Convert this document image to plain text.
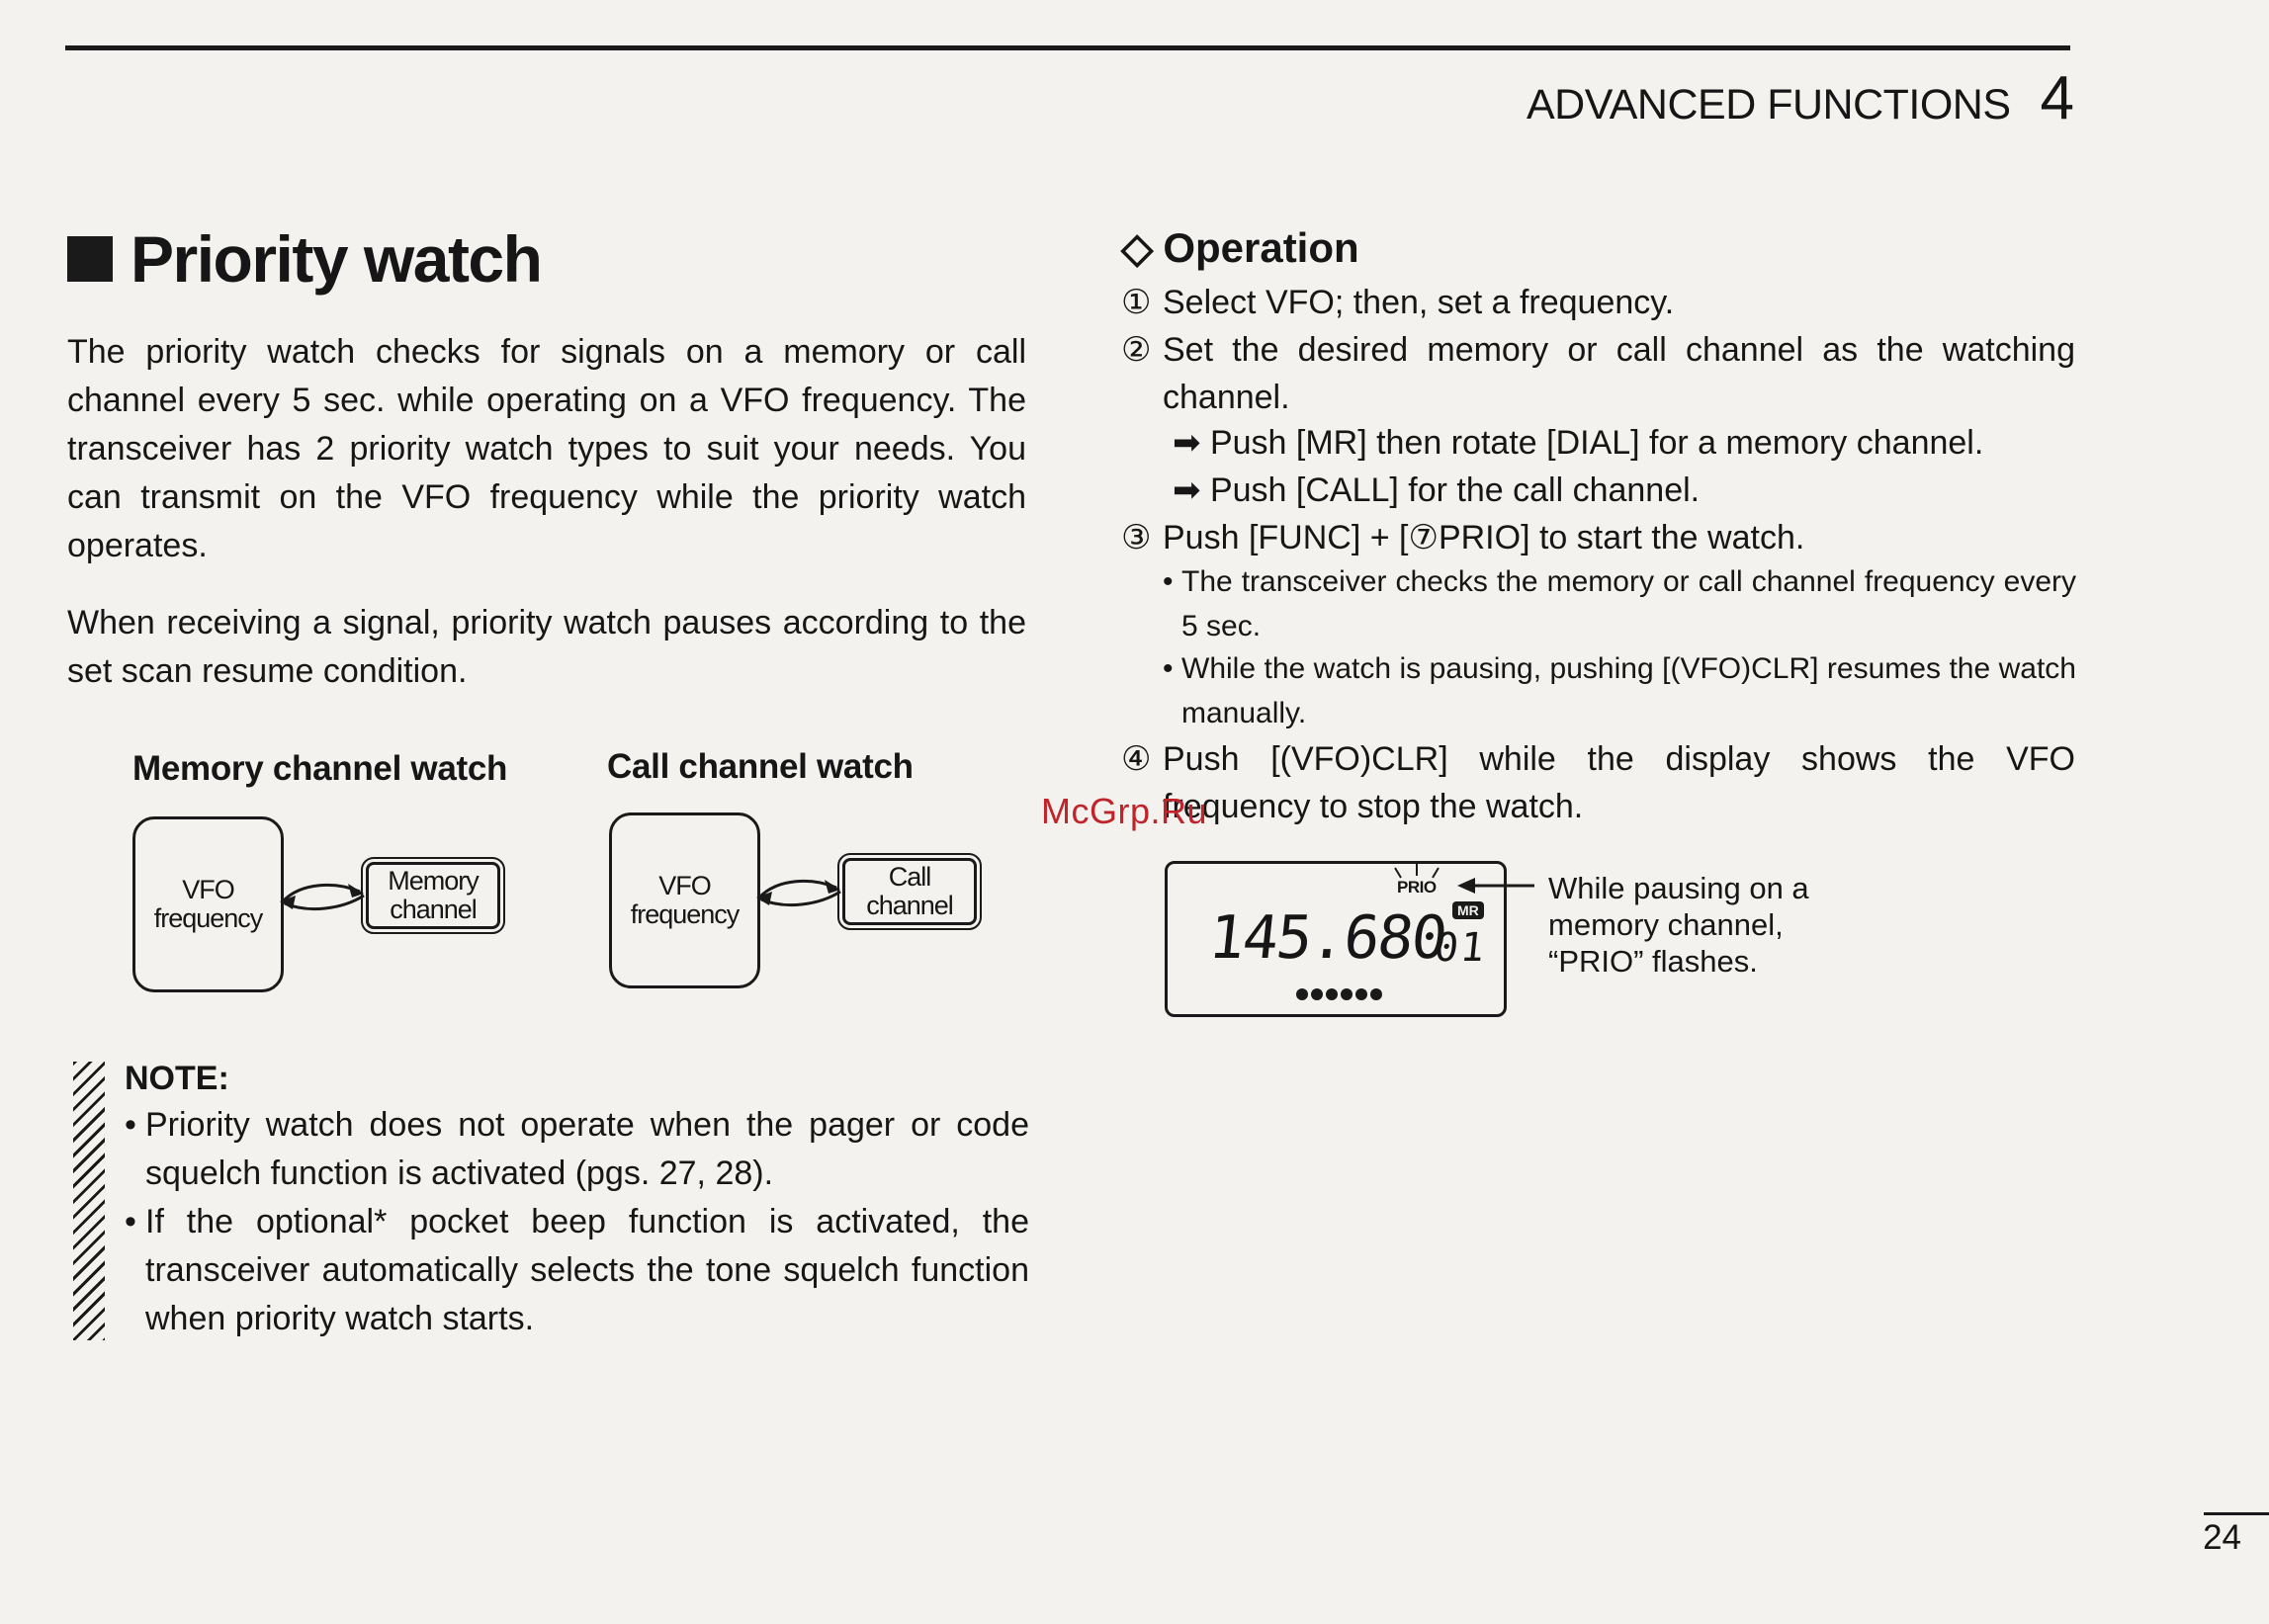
ADVANCED FUNCTIONS 4
Priority watch
The priority watch checks for signals on a memory or call channel every 5 sec. while operating on a VFO frequency. The transceiver has 2 priority watch types to suit your needs. You can transmit on the VFO frequency while the priority watch operates.
When receiving a signal, priority watch pauses according to the set scan resume condition.
Memory channel watch
VFO
frequency
Memory
channel
Call channel watch
VFO
frequency
Call
channel
NOTE:
• Priority watch does not operate when the pager or code squelch function is activated (pgs. 27, 28).
• If the optional* pocket beep function is activated, the transceiver automatically selects the tone squelch function when priority watch starts.
◇ Operation
① Select VFO; then, set a frequency.
② Set the desired memory or call channel as the watching channel.
➡ Push [MR] then rotate [DIAL] for a memory channel.
➡ Push [CALL] for the call channel.
③ Push [FUNC] + [⑦PRIO] to start the watch.
• The transceiver checks the memory or call channel frequency every 5 sec.
• While the watch is pausing, pushing [(VFO)CLR] resumes the watch manually.
④ Push [(VFO)CLR] while the display shows the VFO frequency to stop the watch.
PRIO
MR
145.680
01
While pausing on a
memory channel,
“PRIO” flashes.
McGrp.Ru
24
